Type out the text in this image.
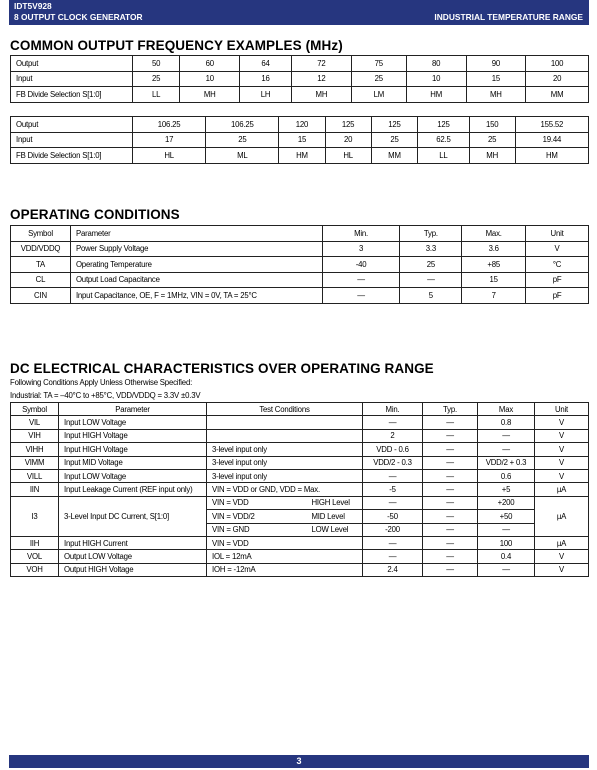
IDT5V928
8 OUTPUT CLOCK GENERATOR	INDUSTRIAL TEMPERATURE RANGE
COMMON OUTPUT FREQUENCY EXAMPLES (MHz)
Output	50	60	64	72	75	80	90	100
Input	25	10	16	12	25	10	15	20
FB Divide Selection S[1:0]	LL	MH	LH	MH	LM	HM	MH	MM
Output	106.25	106.25	120	125	125	125	150	155.52
Input	17	25	15	20	25	62.5	25	19.44
FB Divide Selection S[1:0]	HL	ML	HM	HL	MM	LL	MH	HM
OPERATING CONDITIONS
Symbol	Parameter	Min.	Typ.	Max.	Unit
VDD/VDDQ	Power Supply Voltage	3	3.3	3.6	V
TA	Operating Temperature	-40	25	+85	°C
CL	Output Load Capacitance	—	—	15	pF
CIN	Input Capacitance, OE, F = 1MHz, VIN = 0V, TA = 25°C	—	5	7	pF
DC ELECTRICAL CHARACTERISTICS OVER OPERATING RANGE
Following Conditions Apply Unless Otherwise Specified:
Industrial: TA = –40°C to +85°C, VDD/VDDQ = 3.3V ±0.3V
Symbol	Parameter	Test Conditions		Min.	Typ.	Max	Unit
VIL	Input LOW Voltage			—	—	0.8	V
VIH	Input HIGH Voltage			2	—	—	V
VIHH	Input HIGH Voltage	3-level input only		VDD - 0.6	—	—	V
VIMM	Input MID Voltage	3-level input only		VDD/2 - 0.3	—	VDD/2 + 0.3	V
VILL	Input LOW Voltage	3-level input only		—	—	0.6	V
IIN	Input Leakage Current (REF input only)	VIN = VDD or GND, VDD = Max.		-5	—	+5	µA
I3	3-Level Input DC Current, S[1:0]	VIN = VDD	HIGH Level	—	—	+200	µA
		VIN = VDD/2	MID Level	-50	—	+50	
		VIN = GND	LOW Level	-200	—	—	
IIH	Input HIGH Current	VIN = VDD		—	—	100	µA
VOL	Output LOW Voltage	IOL = 12mA		—	—	0.4	V
VOH	Output HIGH Voltage	IOH = -12mA		2.4	—	—	V
3
